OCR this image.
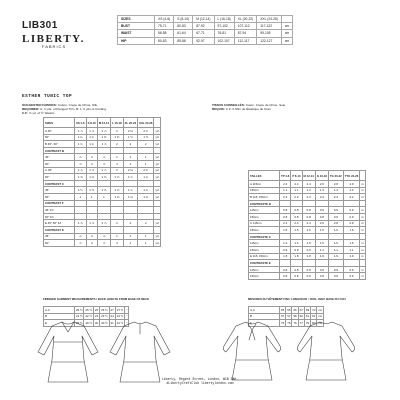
LIB301
LIBERTY.
FABRICS
SIZES	XS (4-6)	S (8-10)	M (12-14)	L (16-18)	XL (20-22)	XXL (24-26)	
BUST	75-71	80-83	87-92	97-102	107-112	117-122	cm
WAIST	56-58	61-64	67-71	76-81	87-94	99-105	cm
HIP	80-83	85-88	92-97	102-107	112-117	122-127	cm
ESTHER TUNIC TOP
SUGGESTED FABRICS: Cotton, Crepe de Chine, Silk.
REQUIRED: A: 4 yds. of Flanged Trim. B: 1 ⅝ yds of Cording.
C.F: ⅝ yd. of ½" Elastic
TISSUS CONSEILLÉS: Coton, Crepe de Chine, Soie.
REQUIS: C.F: 0.50m de Élastique de 6mm
SIZES	XS 4-6	S 8-10	M 12-14	L 16-18	XL 20-22	XXL 24-26	
A 45"	1 ⅞	1 ⅞	1 ⅞	2	2 ⅛	2 ¼	yd
60"	1 ¼	1 ¼	1 ⅜	1 ⅜	1 ½	1 ½	yd
B 45", 60"	1 ¾	1 ¾	1 ⅞	2	2	2	yd
CONTRAST B							
45"	⅞	⅞	⅞	1	1	1	yd
60"	⅞	⅞	⅞	⅞	1	1	yd
C 45"	1 ⅞	1 ⅞	1 ⅞	2	2 ⅛	2 ¼	yd
60"	1 ⅝	1 ⅝	1 ⅝	1 ⅝	1 ¾	1 ¾	yd
CONTRAST C							
45"	1 ½	1 ½	1 ⅝	1 ⅝	1 ¾	1 ¾	yd
60"	1	1	1	1 ⅛	1 ⅛	1 ⅛	yd
CONTRAST F							
45" F/I							
60" F/I							
E 45" 60" F/I	1 ⅞	1 ⅞	1 ⅞	2	2	2	yd
CONTRAST E							
45"	⅞	⅞	⅞	1	1	1	yd
60"	⅞	⅞	⅞	⅞	1	1	yd
TAILLES	TP 4-6	P 8-10	M 12-14	G 16-18	TG 20-22	TTG 24-26	
A 115cm	2.4	2.4	2.4	2.6	2.8	2.9	m
150cm	1.1	1.1	1.3	1.3	1.4	1.4	m
B 115, 150cm	2.3	2.3	2.3	2.4	2.4	2.4	m
CONTRASTE B							
115cm	0.8	0.8	0.8	0.9	0.9	0.9	m
150cm	0.8	0.8	0.8	0.8	0.9	0.9	m
C 115cm	2.4	2.4	2.4	2.6	2.8	2.9	m
150cm	1.5	1.5	1.5	1.5	1.6	1.6	m
CONTRASTE C							
115cm	1.4	1.4	1.5	1.5	1.6	1.6	m
150cm	0.9	0.9	0.9	1.1	1.1	1.1	m
E 115, 150cm	1.8	1.8	1.8	1.9	1.9	1.9	m
CONTRASTE E							
115cm	0.8	0.8	0.8	0.9	0.9	0.9	m
150cm	0.8	0.8	0.8	0.8	0.9	0.9	m
FINISHED GARMENT MEASUREMENTS / BACK LENGTH FROM BASE OF NECK
A,C	25 ½	25 ½	26	26 ½	27	27 ½	"
B	22 ½	22 ½	23	23 ½	24	24 ½	"
E	29 ½	29 ½	30	30 ½	31	31 ½	"
MESURES DU VÊTEMENT FINI / LONGUEUR = DOS, AVEC BASE DU COU
A,C	65	65	66	67	69	70	cm
B	57	57	58	60	61	62	cm
E	75	75	76	77	79	80	cm
Liberty, Regent Street, London, W1B 5AH.
#LibertyCraftClub libertylondon.com
